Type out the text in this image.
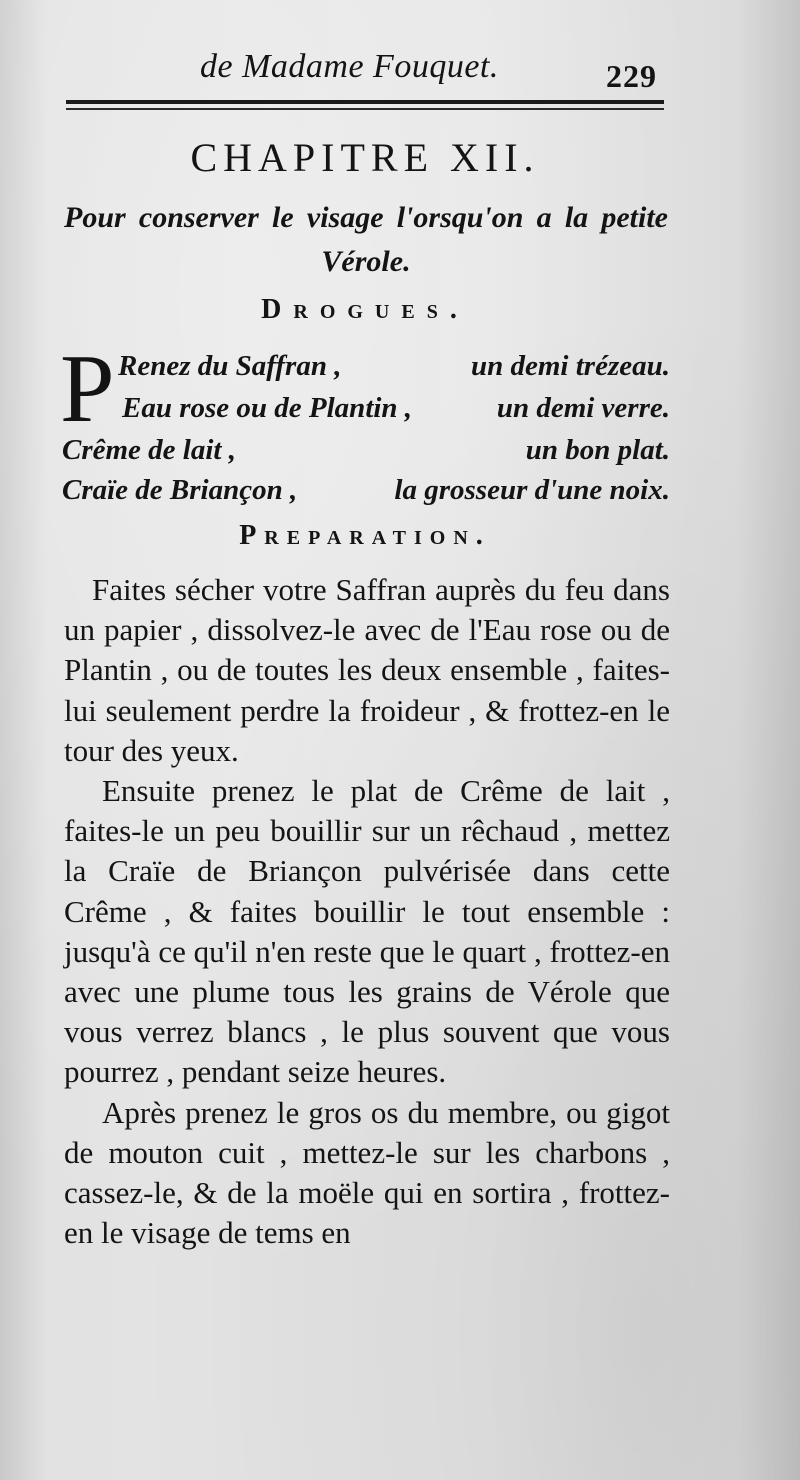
de Madame Fouquet.	229
CHAPITRE XII.
Pour conserver le visage l'orsqu'on a la petite Vérole.
Drogues.
P Renez du Saffran ,	un demi trézeau.
Eau rose ou de Plantin ,	un demi verre.
Crême de lait ,	un bon plat.
Craïe de Briançon ,	la grosseur d'une noix.
Preparation.

Faites sécher votre Saffran auprès du feu dans un papier , dissolvez-le avec de l'Eau rose ou de Plantin , ou de toutes les deux ensemble , faites-lui seulement perdre la froideur , & frottez-en le tour des yeux.

Ensuite prenez le plat de Crême de lait , faites-le un peu bouillir sur un rêchaud , mettez la Craïe de Briançon pulvérisée dans cette Crême , & faites bouillir le tout ensemble : jusqu'à ce qu'il n'en reste que le quart , frottez-en avec une plume tous les grains de Vérole que vous verrez blancs , le plus souvent que vous pourrez , pendant seize heures.

Après prenez le gros os du membre, ou gigot de mouton cuit , mettez-le sur les charbons , cassez-le, & de la moële qui en sortira , frottez-en le visage de tems en
